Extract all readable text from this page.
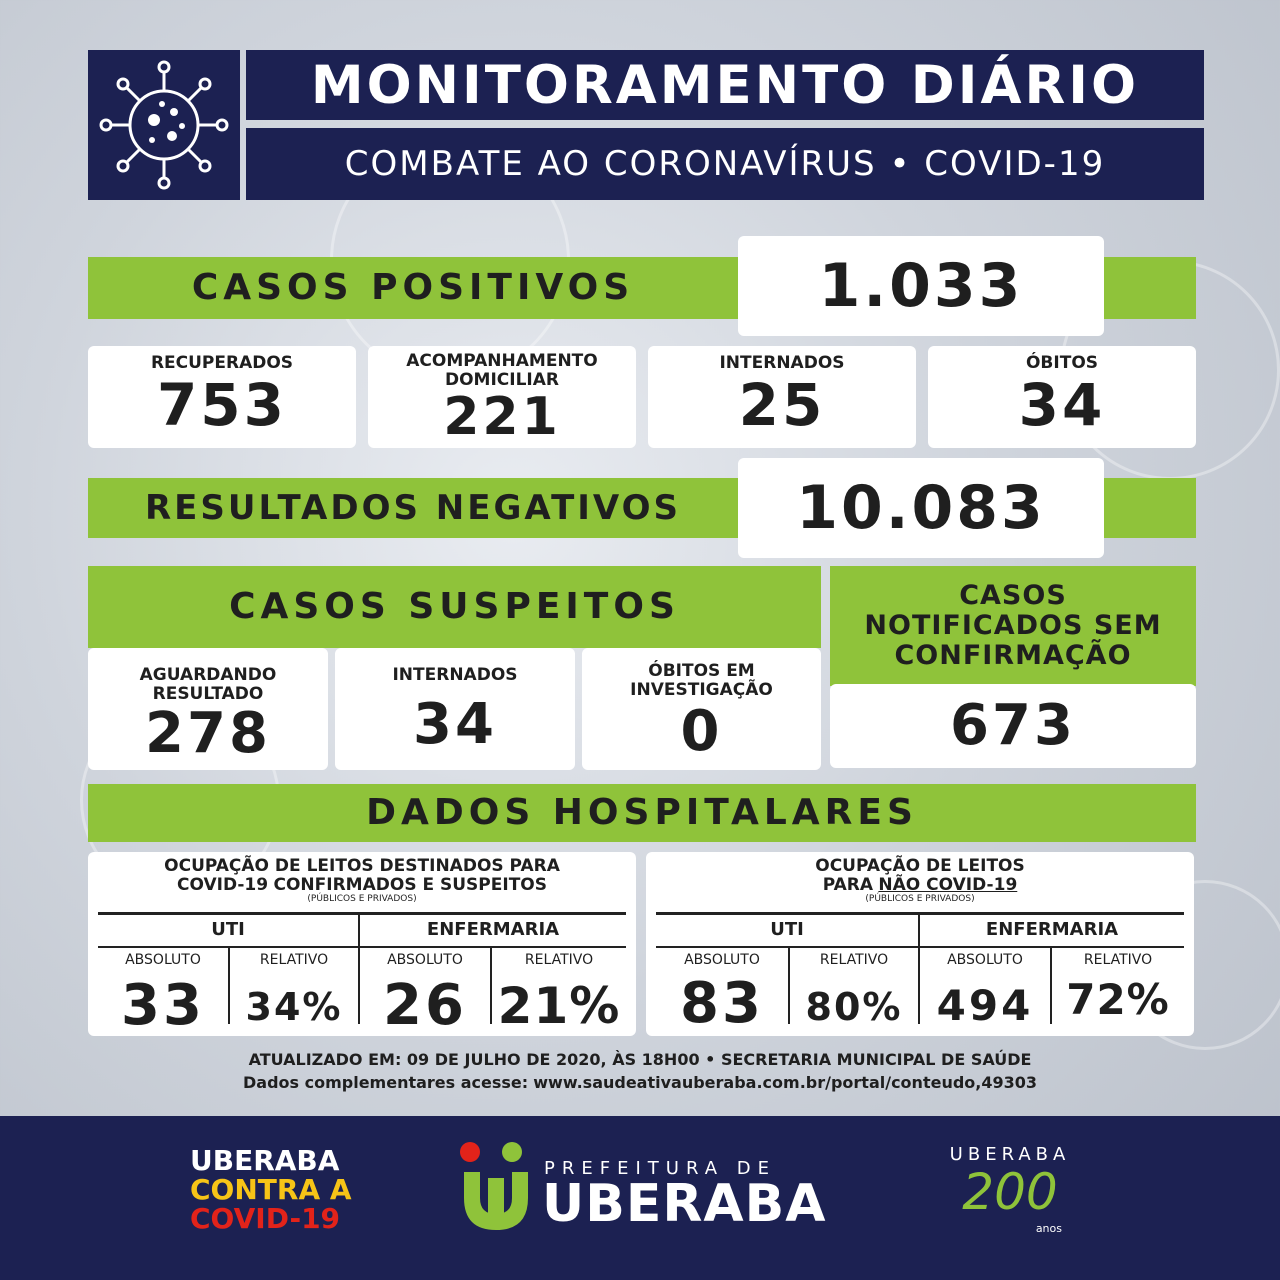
MONITORAMENTO DIÁRIO
COMBATE AO CORONAVÍRUS • COVID-19
CASOS POSITIVOS	1.033
RECUPERADOS
753
ACOMPANHAMENTO DOMICILIAR
221
INTERNADOS
25
ÓBITOS
34
RESULTADOS NEGATIVOS	10.083
CASOS SUSPEITOS
AGUARDANDO RESULTADO
278
INTERNADOS
34
ÓBITOS EM INVESTIGAÇÃO
0
CASOS NOTIFICADOS SEM CONFIRMAÇÃO
673
DADOS HOSPITALARES
OCUPAÇÃO DE LEITOS DESTINADOS PARA
COVID-19 CONFIRMADOS E SUSPEITOS
(PÚBLICOS E PRIVADOS)
UTI	ENFERMARIA
ABSOLUTO	RELATIVO	ABSOLUTO	RELATIVO
33	34% 26 21%
OCUPAÇÃO DE LEITOS
PARA NÃO COVID-19
(PÚBLICOS E PRIVADOS)
UTI	ENFERMARIA
ABSOLUTO	RELATIVO	ABSOLUTO	RELATIVO
83	80% 494 72%
ATUALIZADO EM: 09 DE JULHO DE 2020, ÀS 18H00 • SECRETARIA MUNICIPAL DE SAÚDE
Dados complementares acesse: www.saudeativauberaba.com.br/portal/conteudo,49303
UBERABA
CONTRA A
COVID-19
PREFEITURA DE
UBERABA
UBERABA
200
anos
